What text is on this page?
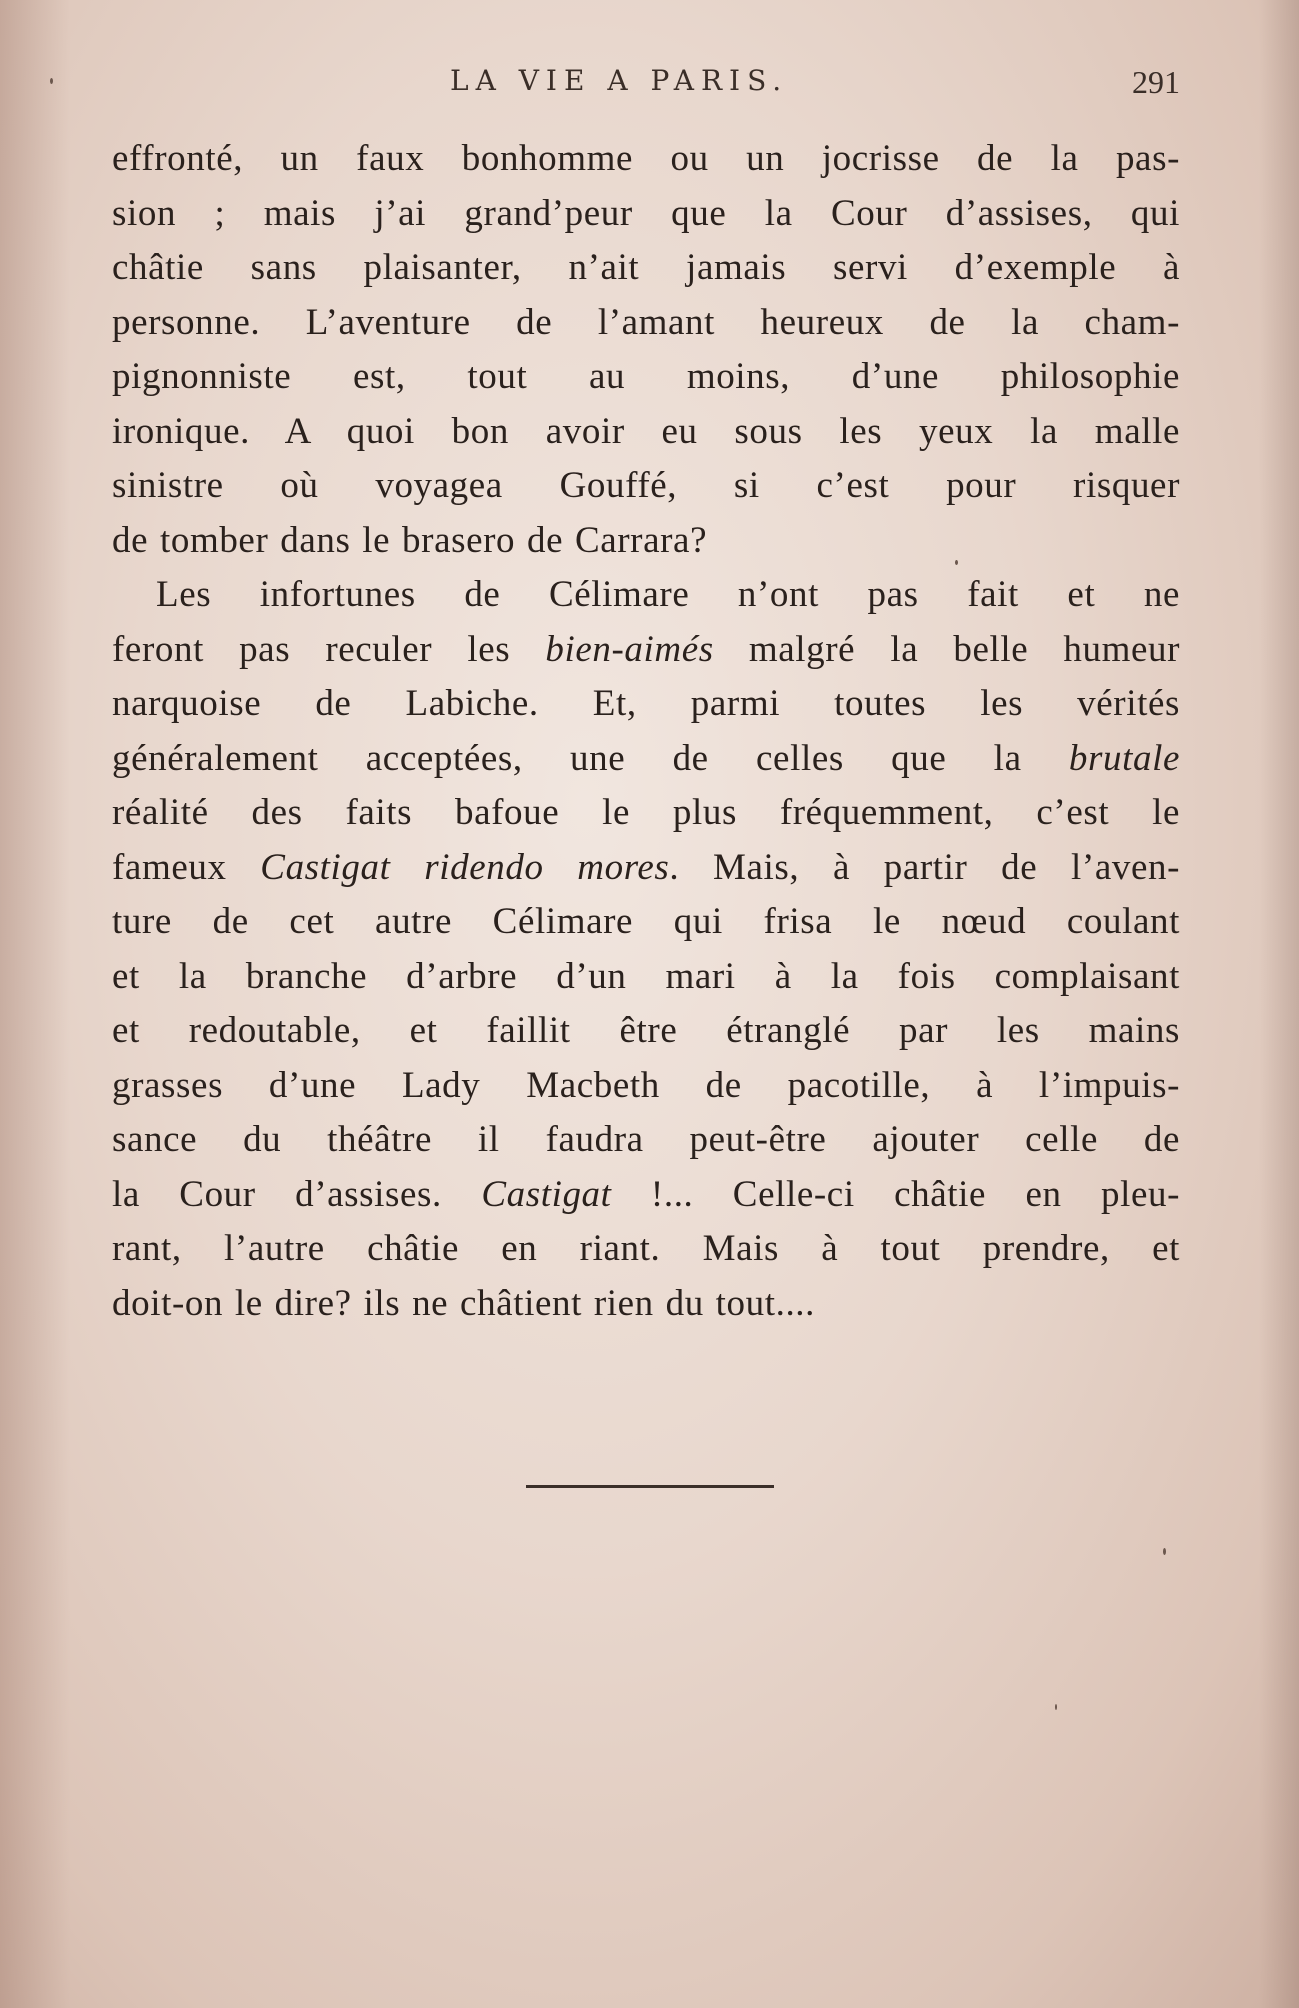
LA VIE A PARIS.	291
effronté, un faux bonhomme ou un jocrisse de la pas-
sion ; mais j’ai grand’peur que la Cour d’assises, qui
châtie sans plaisanter, n’ait jamais servi d’exemple à
personne. L’aventure de l’amant heureux de la cham-
pignonniste est, tout au moins, d’une philosophie
ironique. A quoi bon avoir eu sous les yeux la malle
sinistre où voyagea Gouffé, si c’est pour risquer
de tomber dans le brasero de Carrara?
Les infortunes de Célimare n’ont pas fait et ne
feront pas reculer les bien-aimés malgré la belle humeur
narquoise de Labiche. Et, parmi toutes les vérités
généralement acceptées, une de celles que la brutale
réalité des faits bafoue le plus fréquemment, c’est le
fameux Castigat ridendo mores. Mais, à partir de l’aven-
ture de cet autre Célimare qui frisa le nœud coulant
et la branche d’arbre d’un mari à la fois complaisant
et redoutable, et faillit être étranglé par les mains
grasses d’une Lady Macbeth de pacotille, à l’impuis-
sance du théâtre il faudra peut-être ajouter celle de
la Cour d’assises. Castigat !... Celle-ci châtie en pleu-
rant, l’autre châtie en riant. Mais à tout prendre, et
doit-on le dire? ils ne châtient rien du tout....
